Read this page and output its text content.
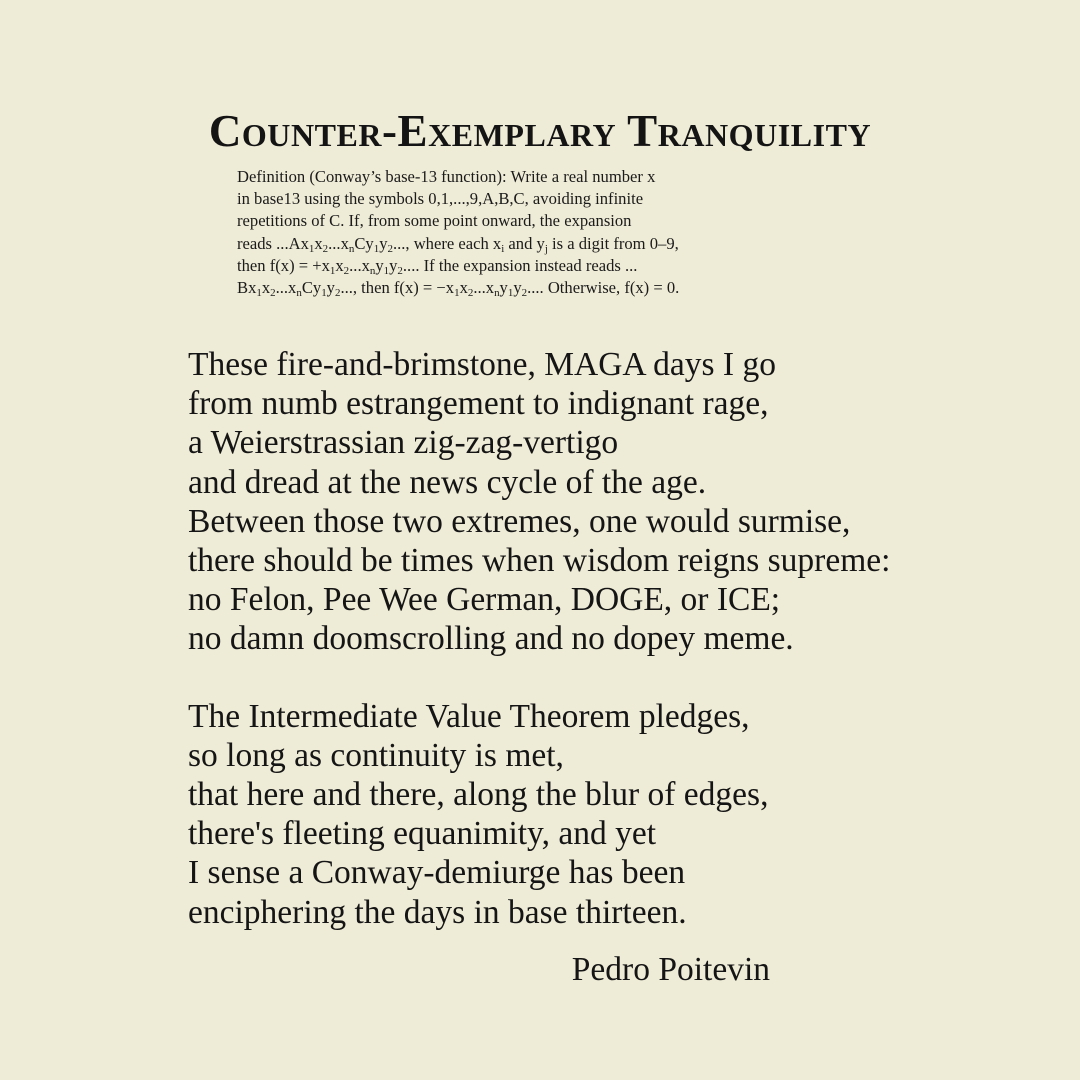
Counter-Exemplary Tranquility
Definition (Conway’s base-13 function): Write a real number x
in base13 using the symbols 0,1,...,9,A,B,C, avoiding infinite
repetitions of C. If, from some point onward, the expansion
reads $...Ax_1x_2...x_nCy_1y_2$..., where each $x_i$ and $y_j$ is a digit from 0–9,
then $f(x) = +x_1x_2...x_ny_1y_2$.... If the expansion instead reads ...
$Bx_1x_2...x_nCy_1y_2$..., then $f(x) = -x_1x_2...x_ny_1y_2$.... Otherwise, f(x) = 0.
These fire-and-brimstone, MAGA days I go
from numb estrangement to indignant rage,
a Weierstrassian zig-zag-vertigo
and dread at the news cycle of the age.
Between those two extremes, one would surmise,
there should be times when wisdom reigns supreme:
no Felon, Pee Wee German, DOGE, or ICE;
no damn doomscrolling and no dopey meme.
The Intermediate Value Theorem pledges,
so long as continuity is met,
that here and there, along the blur of edges,
there's fleeting equanimity, and yet
I sense a Conway-demiurge has been
enciphering the days in base thirteen.
Pedro Poitevin
